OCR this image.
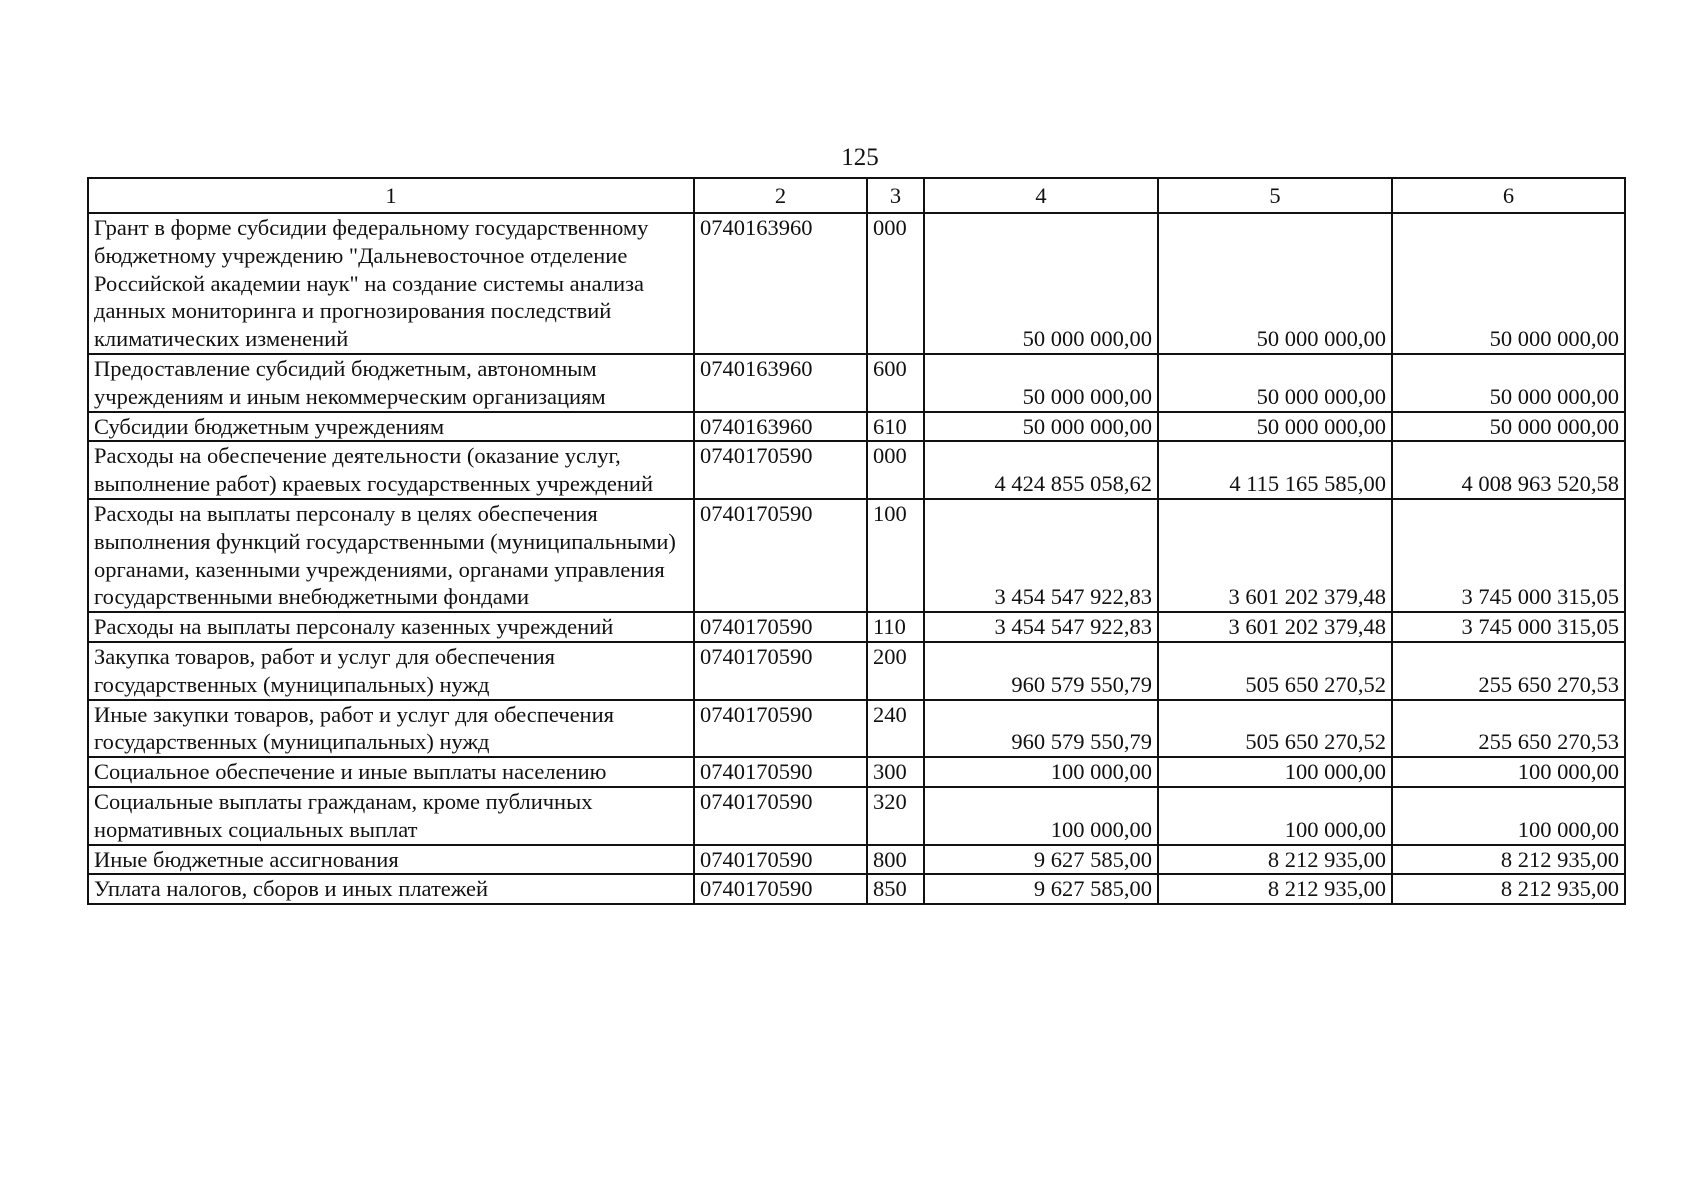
125
1	2	3	4	5	6
Грант в форме субсидии федеральному государственному бюджетному учреждению "Дальневосточное отделение Российской академии наук" на создание системы анализа данных мониторинга и прогнозирования последствий климатических изменений	0740163960	000	50 000 000,00	50 000 000,00	50 000 000,00
Предоставление субсидий бюджетным, автономным учреждениям и иным некоммерческим организациям	0740163960	600	50 000 000,00	50 000 000,00	50 000 000,00
Субсидии бюджетным учреждениям	0740163960	610	50 000 000,00	50 000 000,00	50 000 000,00
Расходы на обеспечение деятельности (оказание услуг, выполнение работ) краевых государственных учреждений	0740170590	000	4 424 855 058,62	4 115 165 585,00	4 008 963 520,58
Расходы на выплаты персоналу в целях обеспечения выполнения функций государственными (муниципальными) органами, казенными учреждениями, органами управления государственными внебюджетными фондами	0740170590	100	3 454 547 922,83	3 601 202 379,48	3 745 000 315,05
Расходы на выплаты персоналу казенных учреждений	0740170590	110	3 454 547 922,83	3 601 202 379,48	3 745 000 315,05
Закупка товаров, работ и услуг для обеспечения государственных (муниципальных) нужд	0740170590	200	960 579 550,79	505 650 270,52	255 650 270,53
Иные закупки товаров, работ и услуг для обеспечения государственных (муниципальных) нужд	0740170590	240	960 579 550,79	505 650 270,52	255 650 270,53
Социальное обеспечение и иные выплаты населению	0740170590	300	100 000,00	100 000,00	100 000,00
Социальные выплаты гражданам, кроме публичных нормативных социальных выплат	0740170590	320	100 000,00	100 000,00	100 000,00
Иные бюджетные ассигнования	0740170590	800	9 627 585,00	8 212 935,00	8 212 935,00
Уплата налогов, сборов и иных платежей	0740170590	850	9 627 585,00	8 212 935,00	8 212 935,00
